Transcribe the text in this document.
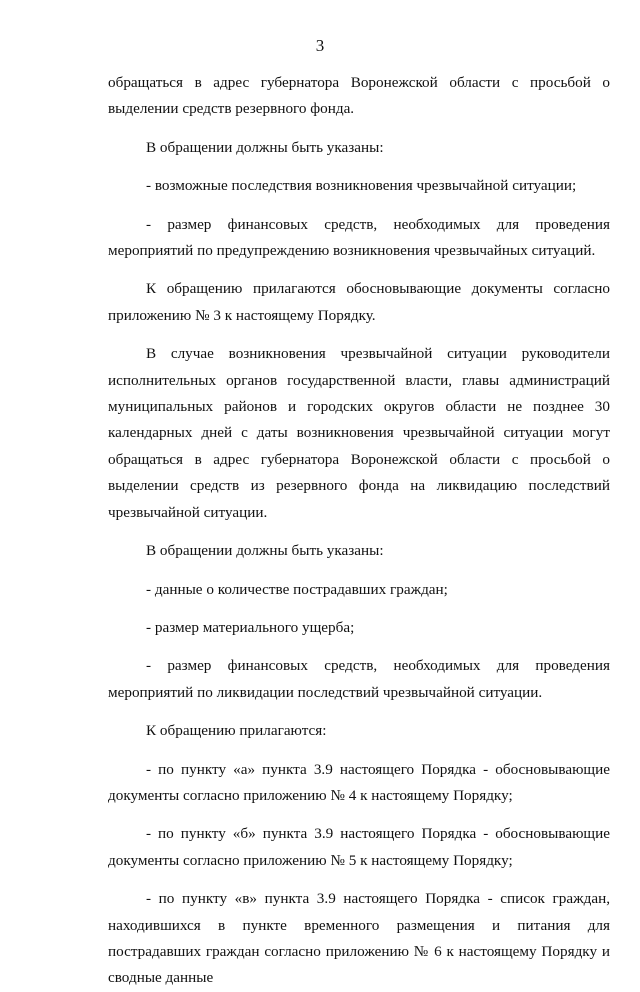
3

обращаться в адрес губернатора Воронежской области с просьбой о выделении средств резервного фонда.

В обращении должны быть указаны:

- возможные последствия возникновения чрезвычайной ситуации;

- размер финансовых средств, необходимых для проведения мероприятий по предупреждению возникновения чрезвычайных ситуаций.

К обращению прилагаются обосновывающие документы согласно приложению № 3 к настоящему Порядку.

В случае возникновения чрезвычайной ситуации руководители исполнительных органов государственной власти, главы администраций муниципальных районов и городских округов области не позднее 30 календарных дней с даты возникновения чрезвычайной ситуации могут обращаться в адрес губернатора Воронежской области с просьбой о выделении средств из резервного фонда на ликвидацию последствий чрезвычайной ситуации.

В обращении должны быть указаны:

- данные о количестве пострадавших граждан;

- размер материального ущерба;

- размер финансовых средств, необходимых для проведения мероприятий по ликвидации последствий чрезвычайной ситуации.

К обращению прилагаются:

- по пункту «а» пункта 3.9 настоящего Порядка - обосновывающие документы согласно приложению № 4 к настоящему Порядку;

- по пункту «б» пункта 3.9 настоящего Порядка - обосновывающие документы согласно приложению № 5 к настоящему Порядку;

- по пункту «в» пункта 3.9 настоящего Порядка - список граждан, находившихся в пункте временного размещения и питания для пострадавших граждан согласно приложению № 6 к настоящему Порядку и сводные данные
